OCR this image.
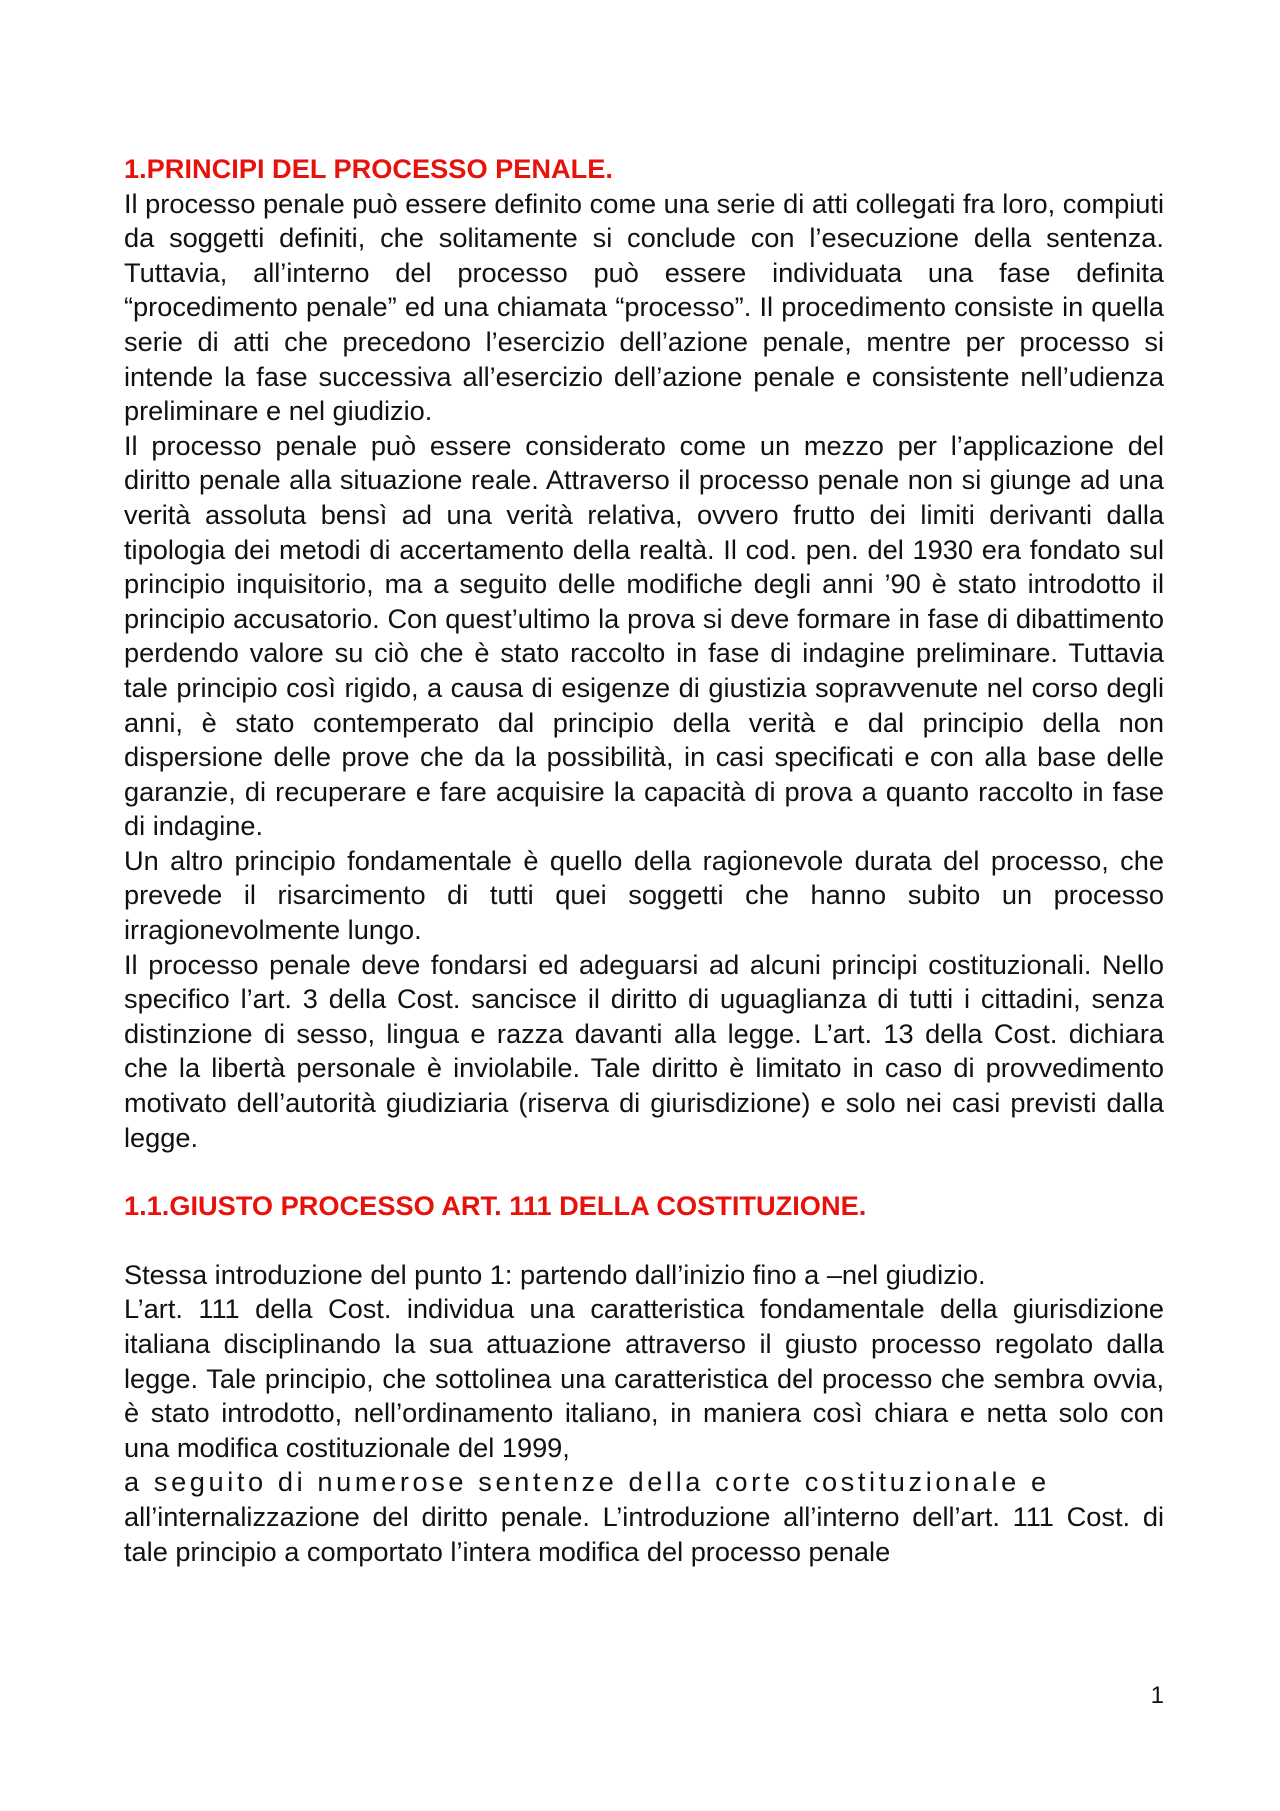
1.PRINCIPI DEL PROCESSO PENALE.

Il processo penale può essere definito come una serie di atti collegati fra loro, compiuti da soggetti definiti, che solitamente si conclude con l’esecuzione della sentenza. Tuttavia, all’interno del processo può essere individuata una fase definita “procedimento penale” ed una chiamata “processo”. Il procedimento consiste in quella serie di atti che precedono l’esercizio dell’azione penale, mentre per processo si intende la fase successiva all’esercizio dell’azione penale e consistente nell’udienza preliminare e nel giudizio.

Il processo penale può essere considerato come un mezzo per l’applicazione del diritto penale alla situazione reale. Attraverso il processo penale non si giunge ad una verità assoluta bensì ad una verità relativa, ovvero frutto dei limiti derivanti dalla tipologia dei metodi di accertamento della realtà. Il cod. pen. del 1930 era fondato sul principio inquisitorio, ma a seguito delle modifiche degli anni ’90 è stato introdotto il principio accusatorio. Con quest’ultimo la prova si deve formare in fase di dibattimento perdendo valore su ciò che è stato raccolto in fase di indagine preliminare. Tuttavia tale principio così rigido, a causa di esigenze di giustizia sopravvenute nel corso degli anni, è stato contemperato dal principio della verità e dal principio della non dispersione delle prove che da la possibilità, in casi specificati e con alla base delle garanzie, di recuperare e fare acquisire la capacità di prova a quanto raccolto in fase di indagine.

Un altro principio fondamentale è quello della ragionevole durata del processo, che prevede il risarcimento di tutti quei soggetti che hanno subito un processo irragionevolmente lungo.

Il processo penale deve fondarsi ed adeguarsi ad alcuni principi costituzionali. Nello specifico l’art. 3 della Cost. sancisce il diritto di uguaglianza di tutti i cittadini, senza distinzione di sesso, lingua e razza davanti alla legge. L’art. 13 della Cost. dichiara che la libertà personale è inviolabile. Tale diritto è limitato in caso di provvedimento motivato dell’autorità giudiziaria (riserva di giurisdizione) e solo nei casi previsti dalla legge.

1.1.GIUSTO PROCESSO ART. 111 DELLA COSTITUZIONE.

Stessa introduzione del punto 1: partendo dall’inizio fino a –nel giudizio.

L’art. 111 della Cost. individua una caratteristica fondamentale della giurisdizione italiana disciplinando la sua attuazione attraverso il giusto processo regolato dalla legge. Tale principio, che sottolinea una caratteristica del processo che sembra ovvia, è stato introdotto, nell’ordinamento italiano, in maniera così chiara e netta solo con una modifica costituzionale del 1999,

a seguito di numerose sentenze della corte costituzionale e

all’internalizzazione del diritto penale. L’introduzione all’interno dell’art. 111 Cost. di tale principio a comportato l’intera modifica del processo penale

1
